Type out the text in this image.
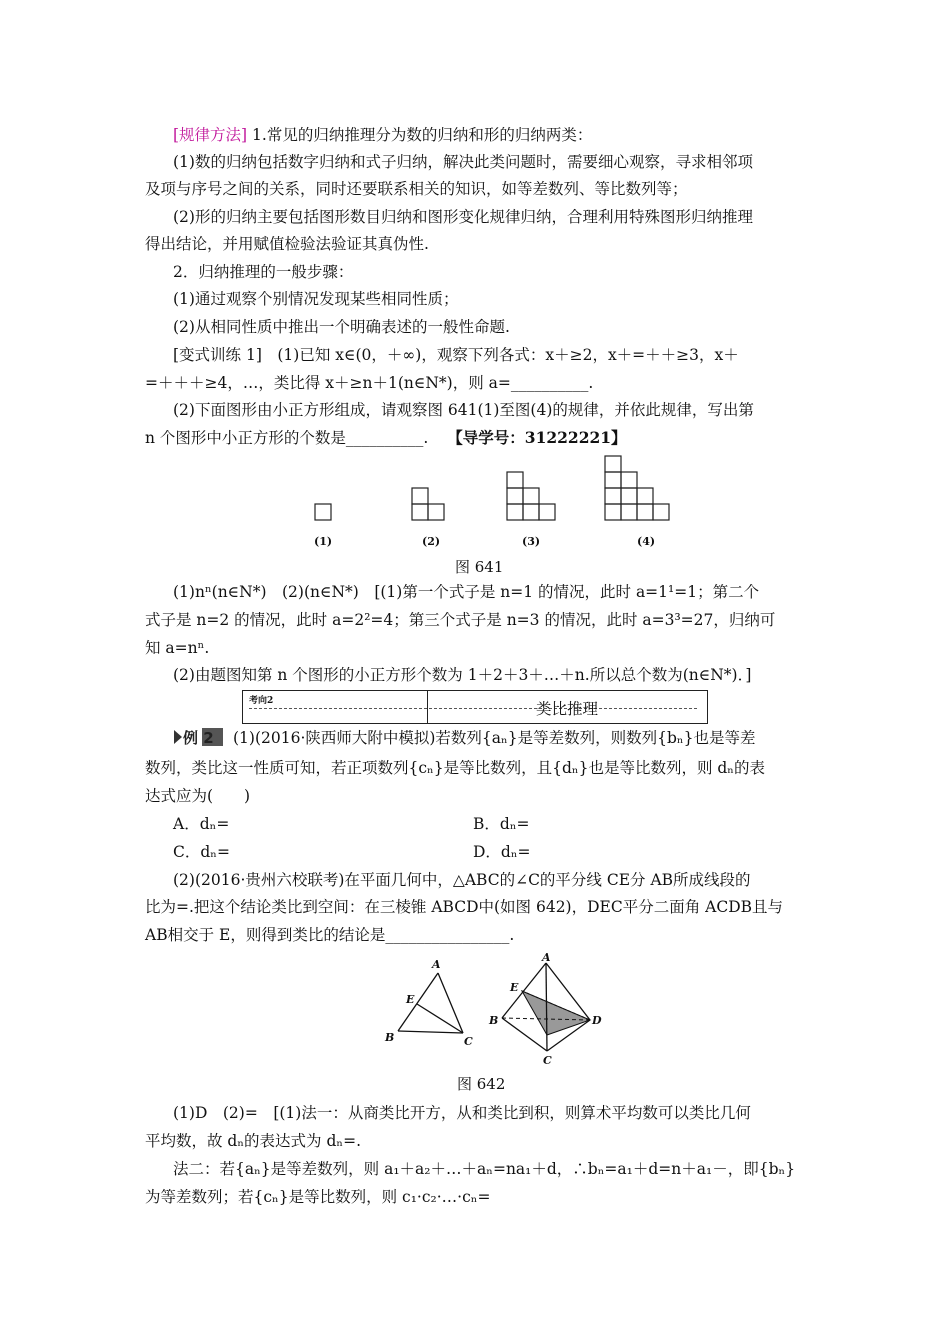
[规律方法] 1.常见的归纳推理分为数的归纳和形的归纳两类：
(1)数的归纳包括数字归纳和式子归纳，解决此类问题时，需要细心观察，寻求相邻项
及项与序号之间的关系，同时还要联系相关的知识，如等差数列、等比数列等；
(2)形的归纳主要包括图形数目归纳和图形变化规律归纳，合理利用特殊图形归纳推理
得出结论，并用赋值检验法验证其真伪性.
2．归纳推理的一般步骤：
(1)通过观察个别情况发现某些相同性质；
(2)从相同性质中推出一个明确表述的一般性命题.
[变式训练 1]　(1)已知 x∈(0，＋∞)，观察下列各式：x＋≥2，x＋=＋＋≥3，x＋
=＋＋＋≥4，…，类比得 x＋≥n＋1(n∈N*)，则 a=__________.
(2)下面图形由小正方形组成，请观察图 641(1)至图(4)的规律，并依此规律，写出第
n 个图形中小正方形的个数是__________. 【导学号：31222221】
(1)	(2)	(3)	(4)
图 641
(1)nⁿ(n∈N*)　(2)(n∈N*)　[(1)第一个式子是 n=1 的情况，此时 a=1¹=1；第二个
式子是 n=2 的情况，此时 a=2²=4；第三个式子是 n=3 的情况，此时 a=3³=27，归纳可
知 a=nⁿ.
(2)由题图知第 n 个图形的小正方形个数为 1＋2＋3＋…＋n.所以总个数为(n∈N*)．]
考向2	类比推理
例 2 (1)(2016·陕西师大附中模拟)若数列{aₙ}是等差数列，则数列{bₙ}也是等差
数列，类比这一性质可知，若正项数列{cₙ}是等比数列，且{dₙ}也是等比数列，则 dₙ的表
达式应为(　　)
A．dₙ=	B．dₙ=
C．dₙ=	D．dₙ=
(2)(2016·贵州六校联考)在平面几何中，△ABC的∠C的平分线 CE分 AB所成线段的
比为=.把这个结论类比到空间：在三棱锥 ABCD中(如图 642)，DEC平分二面角 ACDB且与
AB相交于 E，则得到类比的结论是________________.
A
E
B	C
A
E
B	D
C
图 642
(1)D　(2)=　[(1)法一：从商类比开方，从和类比到积，则算术平均数可以类比几何
平均数，故 dₙ的表达式为 dₙ=.
法二：若{aₙ}是等差数列，则 a₁＋a₂＋…＋aₙ=na₁＋d，∴bₙ=a₁＋d=n＋a₁－，即{bₙ}
为等差数列；若{cₙ}是等比数列，则 c₁·c₂·…·cₙ=
